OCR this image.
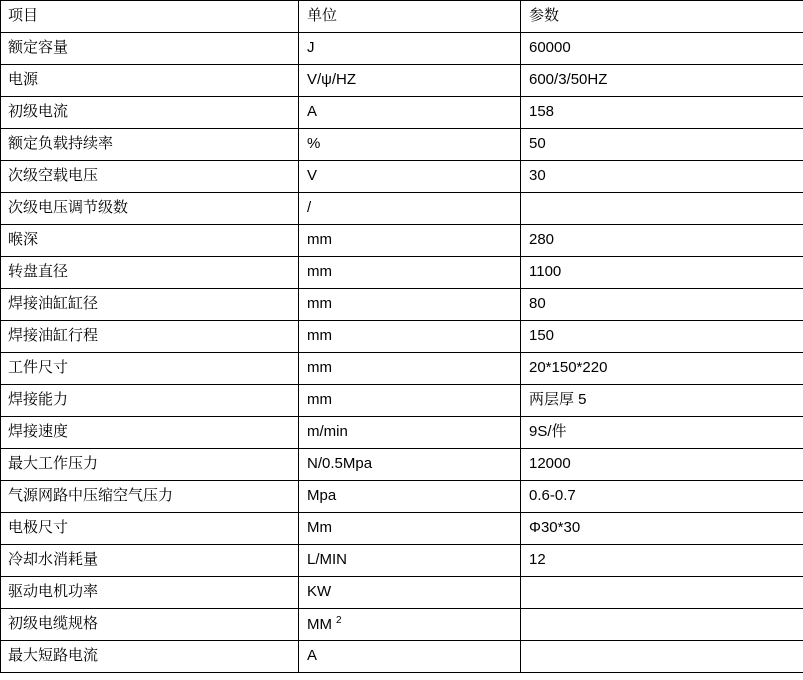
项目	单位	参数
额定容量	J	60000
电源	V/ψ/HZ	600/3/50HZ
初级电流	A	158
额定负载持续率	%	50
次级空载电压	V	30
次级电压调节级数	/	
喉深	mm	280
转盘直径	mm	1100
焊接油缸缸径	mm	80
焊接油缸行程	mm	150
工件尺寸	mm	20*150*220
焊接能力	mm	两层厚 5
焊接速度	m/min	9S/件
最大工作压力	N/0.5Mpa	12000
气源网路中压缩空气压力	Mpa	0.6-0.7
电极尺寸	Mm	Φ30*30
冷却水消耗量	L/MIN	12
驱动电机功率	KW	
初级电缆规格	MM $^2$	
最大短路电流	A	
